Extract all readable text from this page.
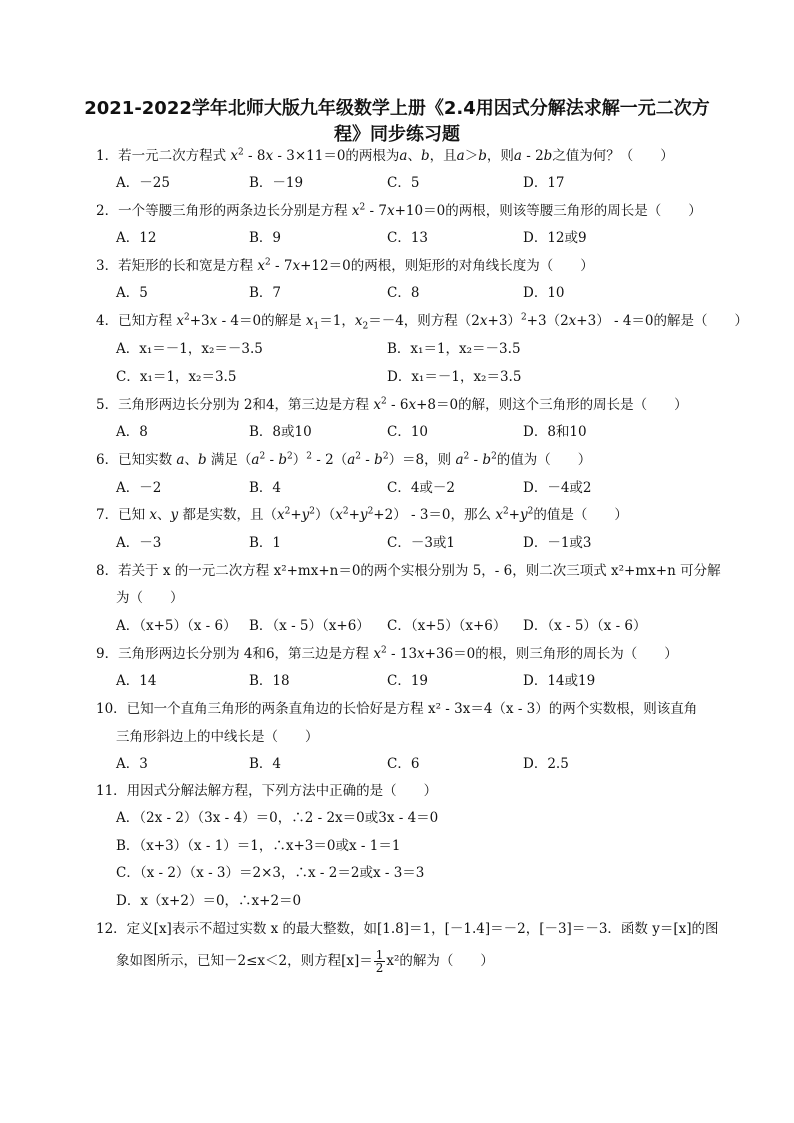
2021-2022学年北师大版九年级数学上册《2.4用因式分解法求解一元二次方程》同步练习题
1．若一元二次方程式 $x^2 - 8x - 3\times 11=0$的两根为a、b，且a＞b，则a - 2b之值为何？（　　）
A．－25	B．－19	C．5	D．17
2．一个等腰三角形的两条边长分别是方程 $x^2 - 7x+10=0$的两根，则该等腰三角形的周长是（　　）
A．12	B．9	C．13	D．12或9
3．若矩形的长和宽是方程 $x^2 - 7x+12=0$的两根，则矩形的对角线长度为（　　）
A．5	B．7	C．8	D．10
4．已知方程 $x^2+3x - 4=0$的解是 $x_1=1$，$x_2=-4$，则方程$(2x+3)^2+3(2x+3) - 4=0$的解是（　　）
A．x₁＝－1，x₂＝－3.5	B．x₁＝1，x₂＝－3.5
C．x₁＝1，x₂＝3.5	D．x₁＝－1，x₂＝3.5
5．三角形两边长分别为 2和4，第三边是方程 $x^2 - 6x+8=0$的解，则这个三角形的周长是（　　）
A．8	B．8或10	C．10	D．8和10
6．已知实数 a、b 满足$(a^2 - b^2)^2 - 2(a^2 - b^2)=8$，则 $a^2 - b^2$的值为（　　）
A．－2	B．4	C．4或－2	D．－4或2
7．已知 x、y 都是实数，且$(x^2+y^2)(x^2+y^2+2) - 3=0$，那么 $x^2+y^2$的值是（　　）
A．－3	B．1	C．－3或1	D．－1或3
8．若关于 x 的一元二次方程 x²+mx+n＝0的两个实根分别为 5，- 6，则二次三项式 x²+mx+n 可分解
为（　　）
A．（x+5）（x - 6） B．（x - 5）（x+6） C．（x+5）（x+6） D．（x - 5）（x - 6）
9．三角形两边长分别为 4和6，第三边是方程 $x^2 - 13x+36=0$的根，则三角形的周长为（　　）
A．14	B．18	C．19	D．14或19
10．已知一个直角三角形的两条直角边的长恰好是方程 x² - 3x＝4（x - 3）的两个实数根，则该直角
三角形斜边上的中线长是（　　）
A．3	B．4	C．6	D．2.5
11．用因式分解法解方程，下列方法中正确的是（　　）
A．（2x - 2）（3x - 4）＝0，∴2 - 2x＝0或3x - 4＝0
B．（x+3）（x - 1）＝1，∴x+3＝0或x - 1＝1
C．（x - 2）（x - 3）＝2×3，∴x - 2＝2或x - 3＝3
D．x（x+2）＝0，∴x+2＝0
12．定义[x]表示不超过实数 x 的最大整数，如[1.8]＝1，[－1.4]＝－2，[－3]＝－3．函数 y＝[x]的图
象如图所示，已知－2≤x＜2，则方程$[x]= \frac{1}{2} x^2$的解为（　　）
